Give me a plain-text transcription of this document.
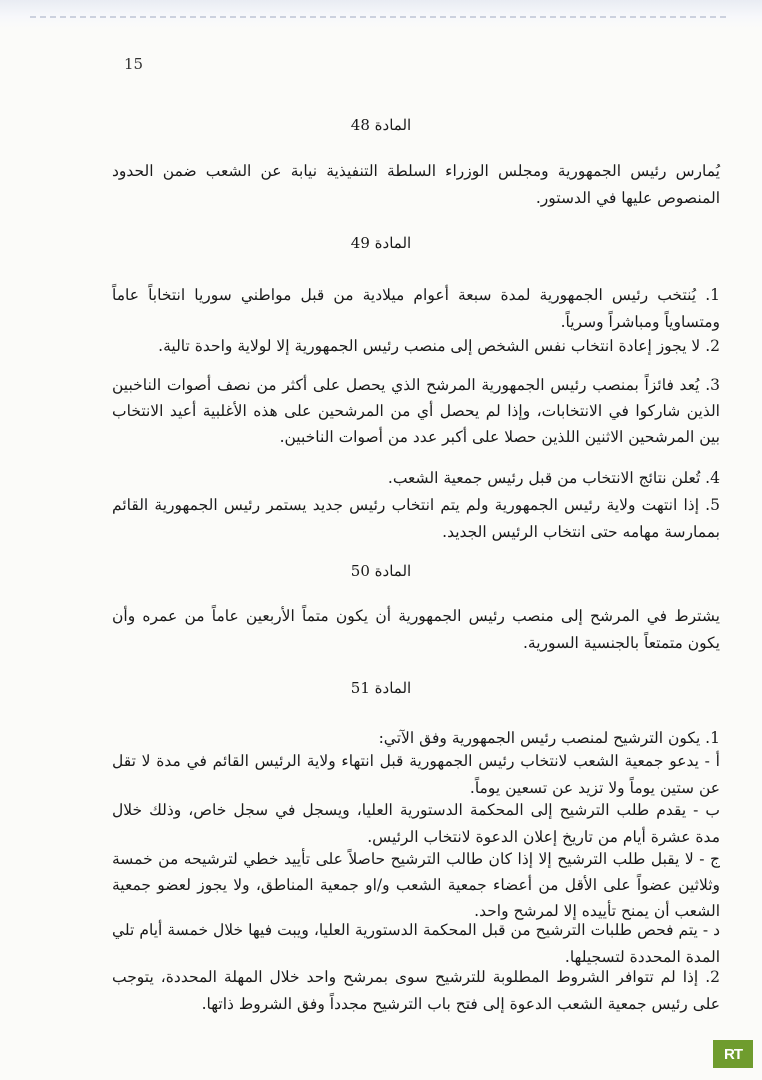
15
المادة 48
يُمارس رئيس الجمهورية ومجلس الوزراء السلطة التنفيذية نيابة عن الشعب ضمن الحدود المنصوص عليها في الدستور.
المادة 49
1. يُنتخب رئيس الجمهورية لمدة سبعة أعوام ميلادية من قبل مواطني سوريا انتخاباً عاماً ومتساوياً ومباشراً وسرياً.
2. لا يجوز إعادة انتخاب نفس الشخص إلى منصب رئيس الجمهورية إلا لولاية واحدة تالية.
3. يُعد فائزاً بمنصب رئيس الجمهورية المرشح الذي يحصل على أكثر من نصف أصوات الناخبين الذين شاركوا في الانتخابات، وإذا لم يحصل أي من المرشحين على هذه الأغلبية أعيد الانتخاب بين المرشحين الاثنين اللذين حصلا على أكبر عدد من أصوات الناخبين.
4. تُعلن نتائج الانتخاب من قبل رئيس جمعية الشعب.
5. إذا انتهت ولاية رئيس الجمهورية ولم يتم انتخاب رئيس جديد يستمر رئيس الجمهورية القائم بممارسة مهامه حتى انتخاب الرئيس الجديد.
المادة 50
يشترط في المرشح إلى منصب رئيس الجمهورية أن يكون متماً الأربعين عاماً من عمره وأن يكون متمتعاً بالجنسية السورية.
المادة 51
1. يكون الترشيح لمنصب رئيس الجمهورية وفق الآتي:
أ - يدعو جمعية الشعب لانتخاب رئيس الجمهورية قبل انتهاء ولاية الرئيس القائم في مدة لا تقل عن ستين يوماً ولا تزيد عن تسعين يوماً.
ب - يقدم طلب الترشيح إلى المحكمة الدستورية العليا، ويسجل في سجل خاص، وذلك خلال مدة عشرة أيام من تاريخ إعلان الدعوة لانتخاب الرئيس.
ج - لا يقبل طلب الترشيح إلا إذا كان طالب الترشيح حاصلاً على تأييد خطي لترشيحه من خمسة وثلاثين عضواً على الأقل من أعضاء جمعية الشعب و/او جمعية المناطق، ولا يجوز لعضو جمعية الشعب أن يمنح تأييده إلا لمرشح واحد.
د - يتم فحص طلبات الترشيح من قبل المحكمة الدستورية العليا، ويبت فيها خلال خمسة أيام تلي المدة المحددة لتسجيلها.
2. إذا لم تتوافر الشروط المطلوبة للترشيح سوى بمرشح واحد خلال المهلة المحددة، يتوجب على رئيس جمعية الشعب الدعوة إلى فتح باب الترشيح مجدداً وفق الشروط ذاتها.
RT
